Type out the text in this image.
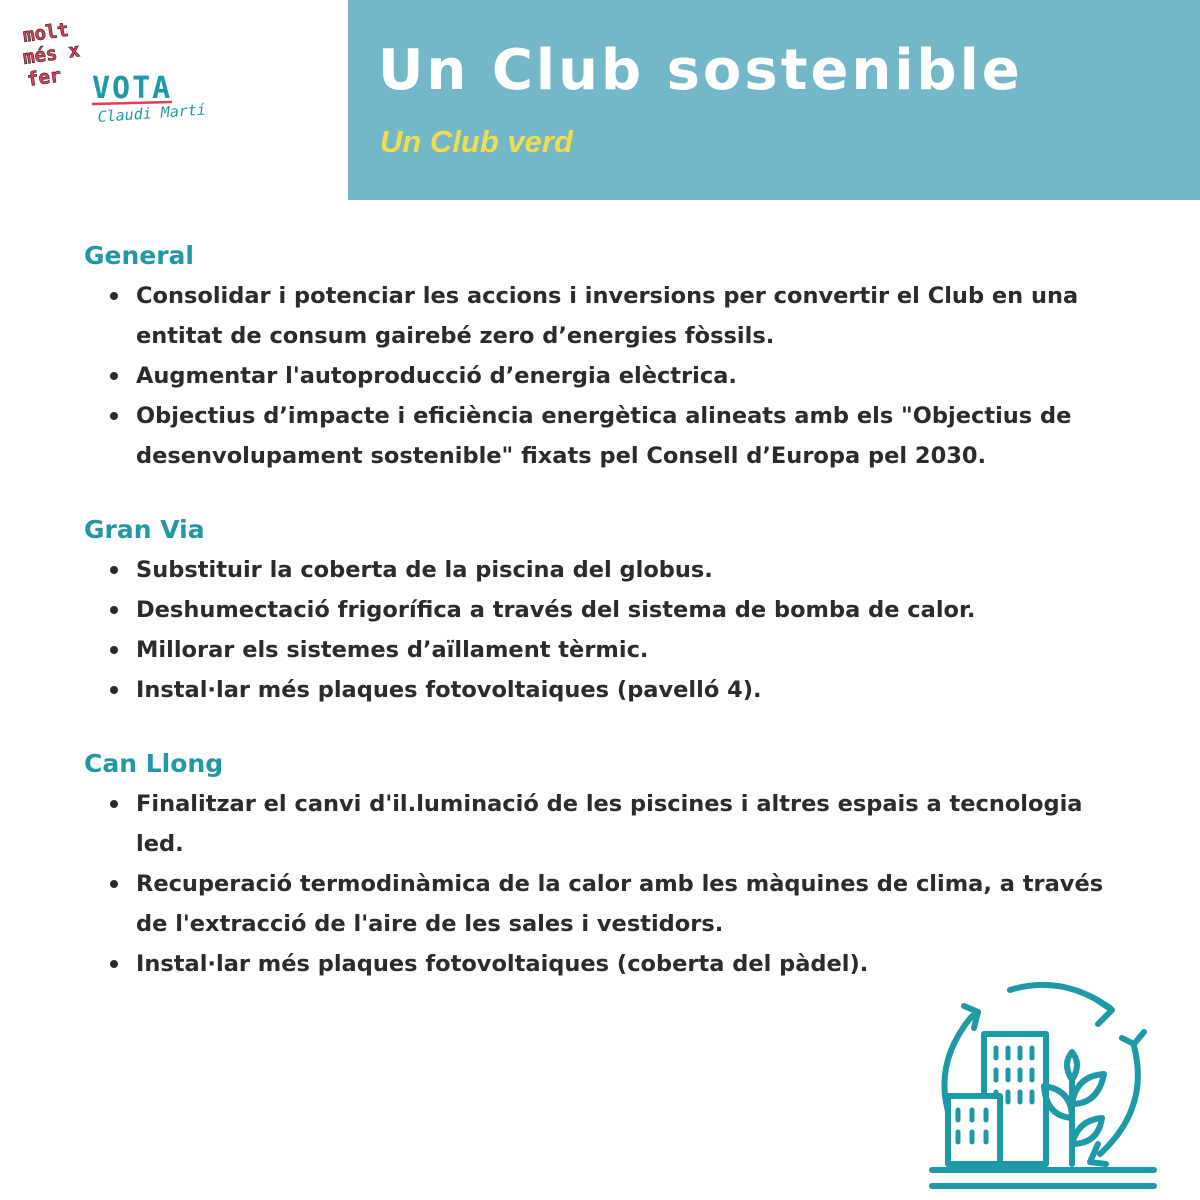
molt
més x
fer VOTA
Claudi Martí
Un Club sostenible
Un Club verd
General
Consolidar i potenciar les accions i inversions per convertir el Club en una entitat de consum gairebé zero d’energies fòssils.
Augmentar l'autoproducció d’energia elèctrica.
Objectius d’impacte i eficiència energètica alineats amb els "Objectius de desenvolupament sostenible" fixats pel Consell d’Europa pel 2030.
Gran Via
Substituir la coberta de la piscina del globus.
Deshumectació frigorífica a través del sistema de bomba de calor.
Millorar els sistemes d’aïllament tèrmic.
Instal·lar més plaques fotovoltaiques (pavelló 4).
Can Llong
Finalitzar el canvi d'il.luminació de les piscines i altres espais a tecnologia led.
Recuperació termodinàmica de la calor amb les màquines de clima, a través de l'extracció de l'aire de les sales i vestidors.
Instal·lar més plaques fotovoltaiques (coberta del pàdel).
